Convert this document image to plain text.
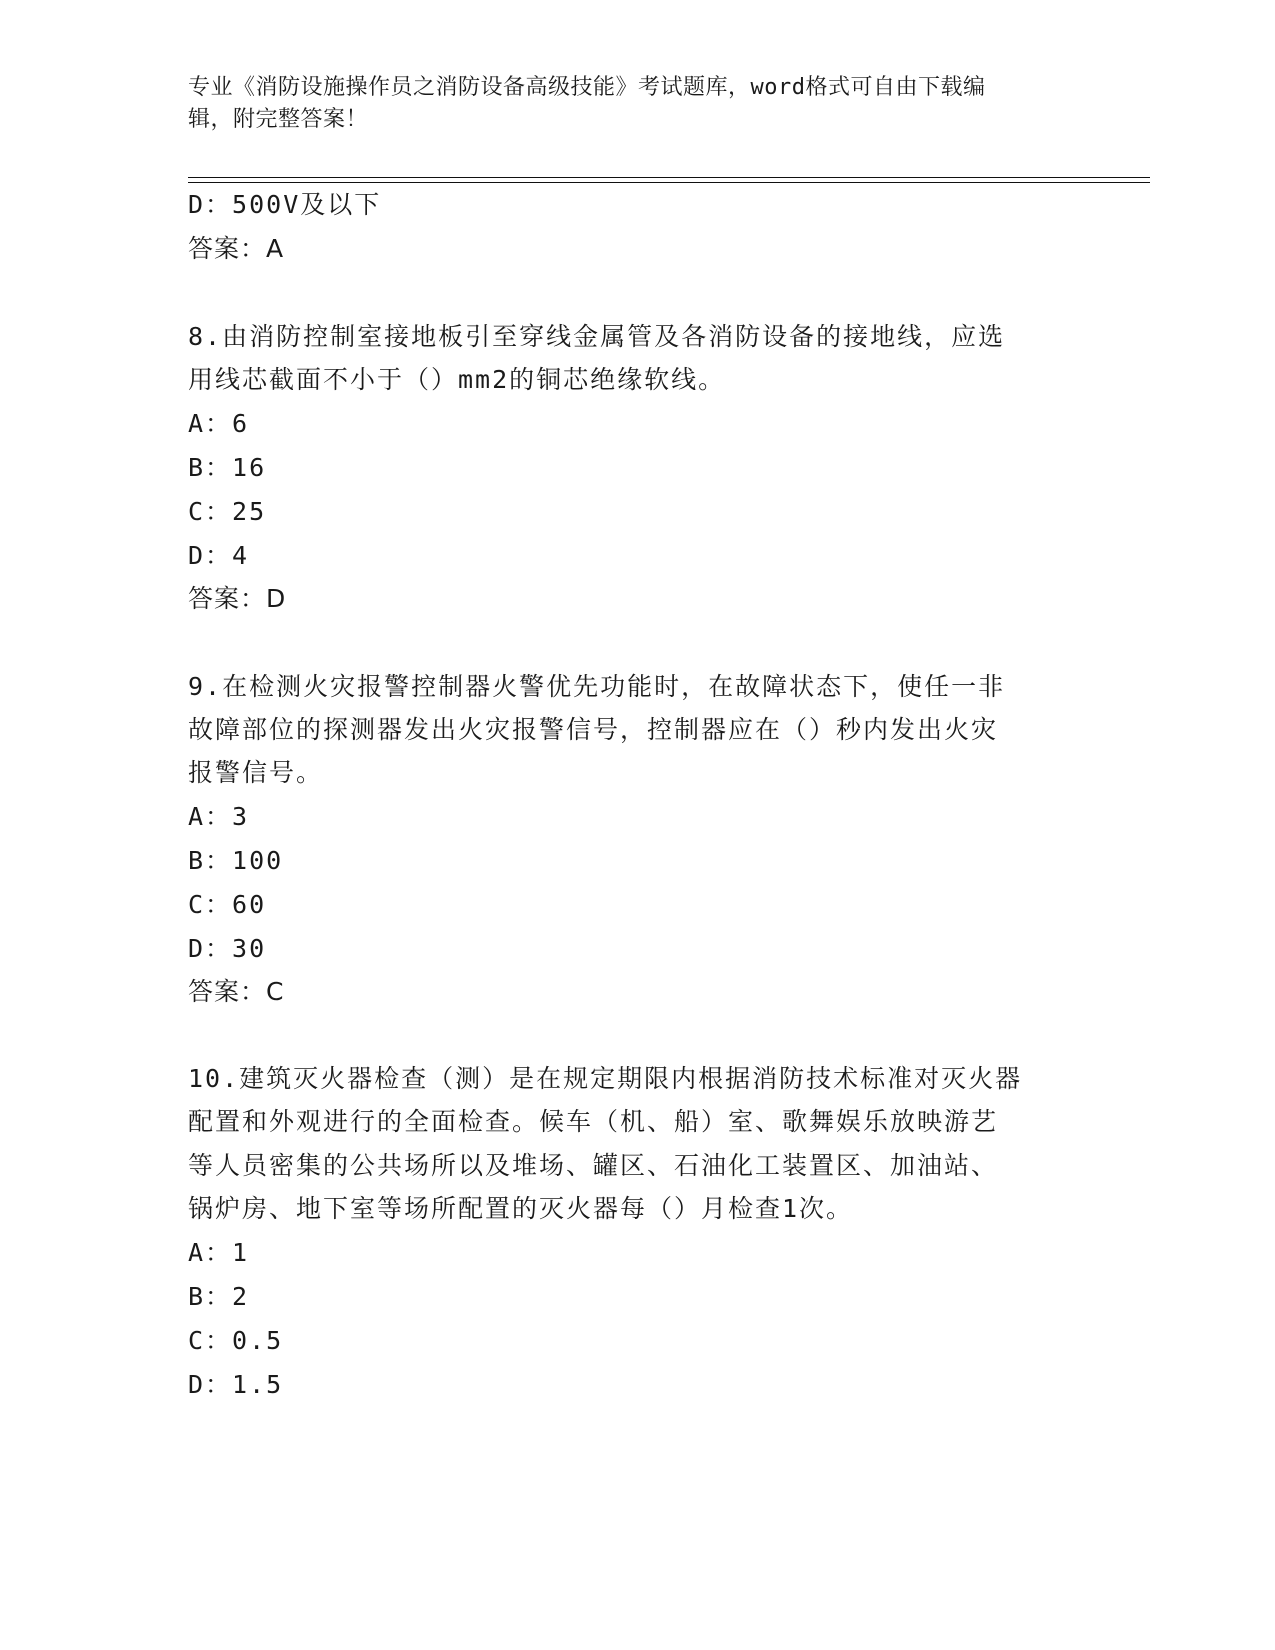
专业《消防设施操作员之消防设备高级技能》考试题库，word格式可自由下载编
辑，附完整答案！
D：500V及以下
答案：A
8.由消防控制室接地板引至穿线金属管及各消防设备的接地线，应选
用线芯截面不小于（）mm2的铜芯绝缘软线。
A：6
B：16
C：25
D：4
答案：D
9.在检测火灾报警控制器火警优先功能时，在故障状态下，使任一非
故障部位的探测器发出火灾报警信号，控制器应在（）秒内发出火灾
报警信号。
A：3
B：100
C：60
D：30
答案：C
10.建筑灭火器检查（测）是在规定期限内根据消防技术标准对灭火器
配置和外观进行的全面检查。候车（机、船）室、歌舞娱乐放映游艺
等人员密集的公共场所以及堆场、罐区、石油化工装置区、加油站、
锅炉房、地下室等场所配置的灭火器每（）月检查1次。
A：1
B：2
C：0.5
D：1.5
